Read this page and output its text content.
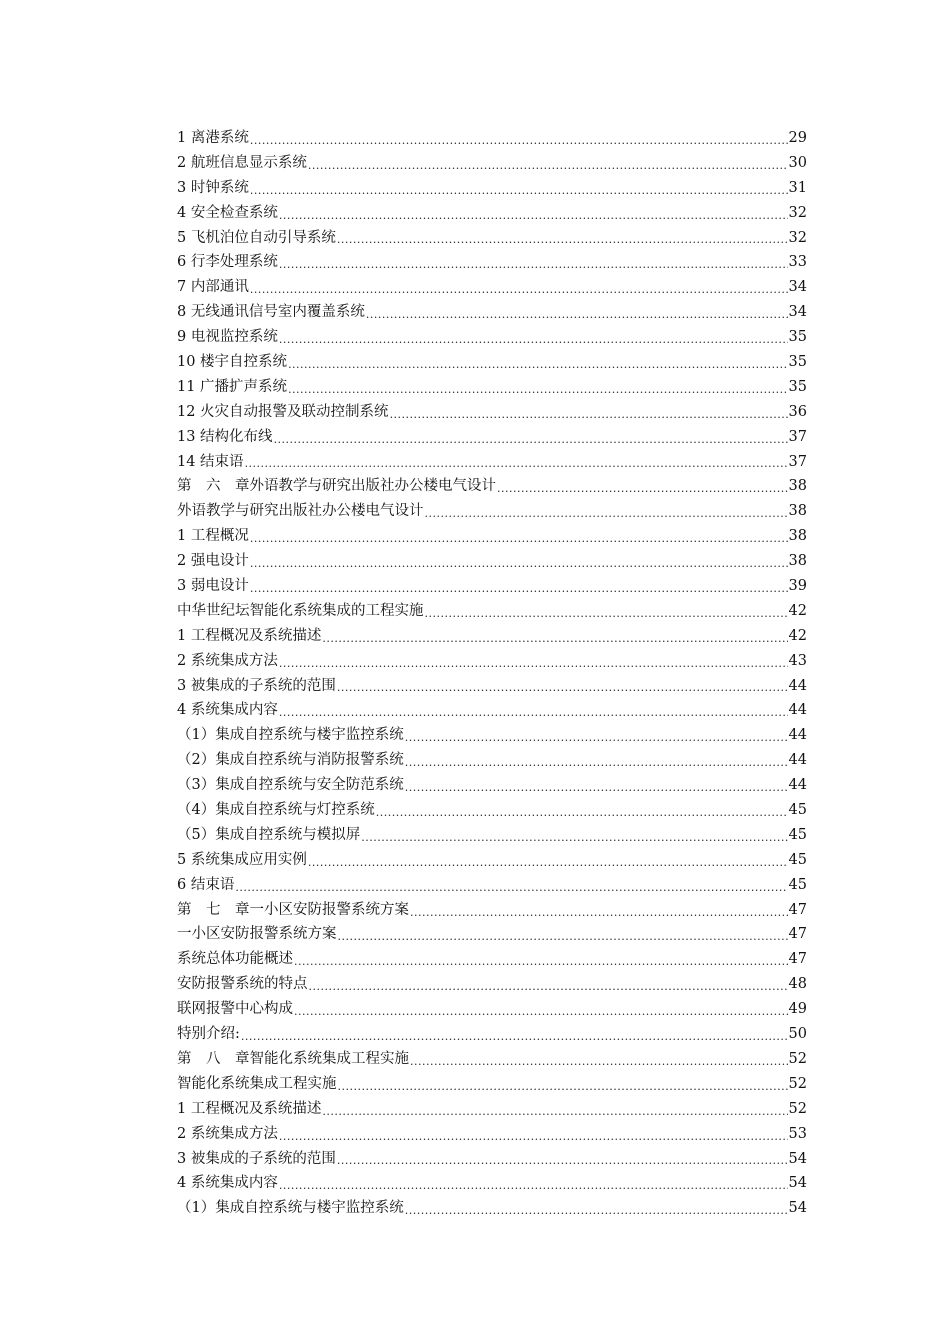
1 离港系统 .....	29
2 航班信息显示系统 .....	30
3 时钟系统 .....	31
4 安全检查系统 .....	32
5 飞机泊位自动引导系统 .....	32
6 行李处理系统 .....	33
7 内部通讯 .....	34
8 无线通讯信号室内覆盖系统 .....	34
9 电视监控系统 .....	35
10 楼宇自控系统 .....	35
11 广播扩声系统 .....	35
12 火灾自动报警及联动控制系统 .....	36
13 结构化布线 .....	37
14 结束语 .....	37
第　六　章外语教学与研究出版社办公楼电气设计 .....	38
外语教学与研究出版社办公楼电气设计 .....	38
1 工程概况 .....	38
2 强电设计 .....	38
3 弱电设计 .....	39
中华世纪坛智能化系统集成的工程实施 .....	42
1 工程概况及系统描述 .....	42
2 系统集成方法 .....	43
3 被集成的子系统的范围 .....	44
4 系统集成内容 .....	44
（1）集成自控系统与楼宇监控系统 .....	44
（2）集成自控系统与消防报警系统 .....	44
（3）集成自控系统与安全防范系统 .....	44
（4）集成自控系统与灯控系统 .....	45
（5）集成自控系统与模拟屏 .....	45
5 系统集成应用实例 .....	45
6 结束语 .....	45
第　七　章一小区安防报警系统方案 .....	47
一小区安防报警系统方案 .....	47
系统总体功能概述 .....	47
安防报警系统的特点 .....	48
联网报警中心构成 .....	49
特别介绍: .....	50
第　八　章智能化系统集成工程实施 .....	52
智能化系统集成工程实施 .....	52
1 工程概况及系统描述 .....	52
2 系统集成方法 .....	53
3 被集成的子系统的范围 .....	54
4 系统集成内容 .....	54
（1）集成自控系统与楼宇监控系统 .....	54
